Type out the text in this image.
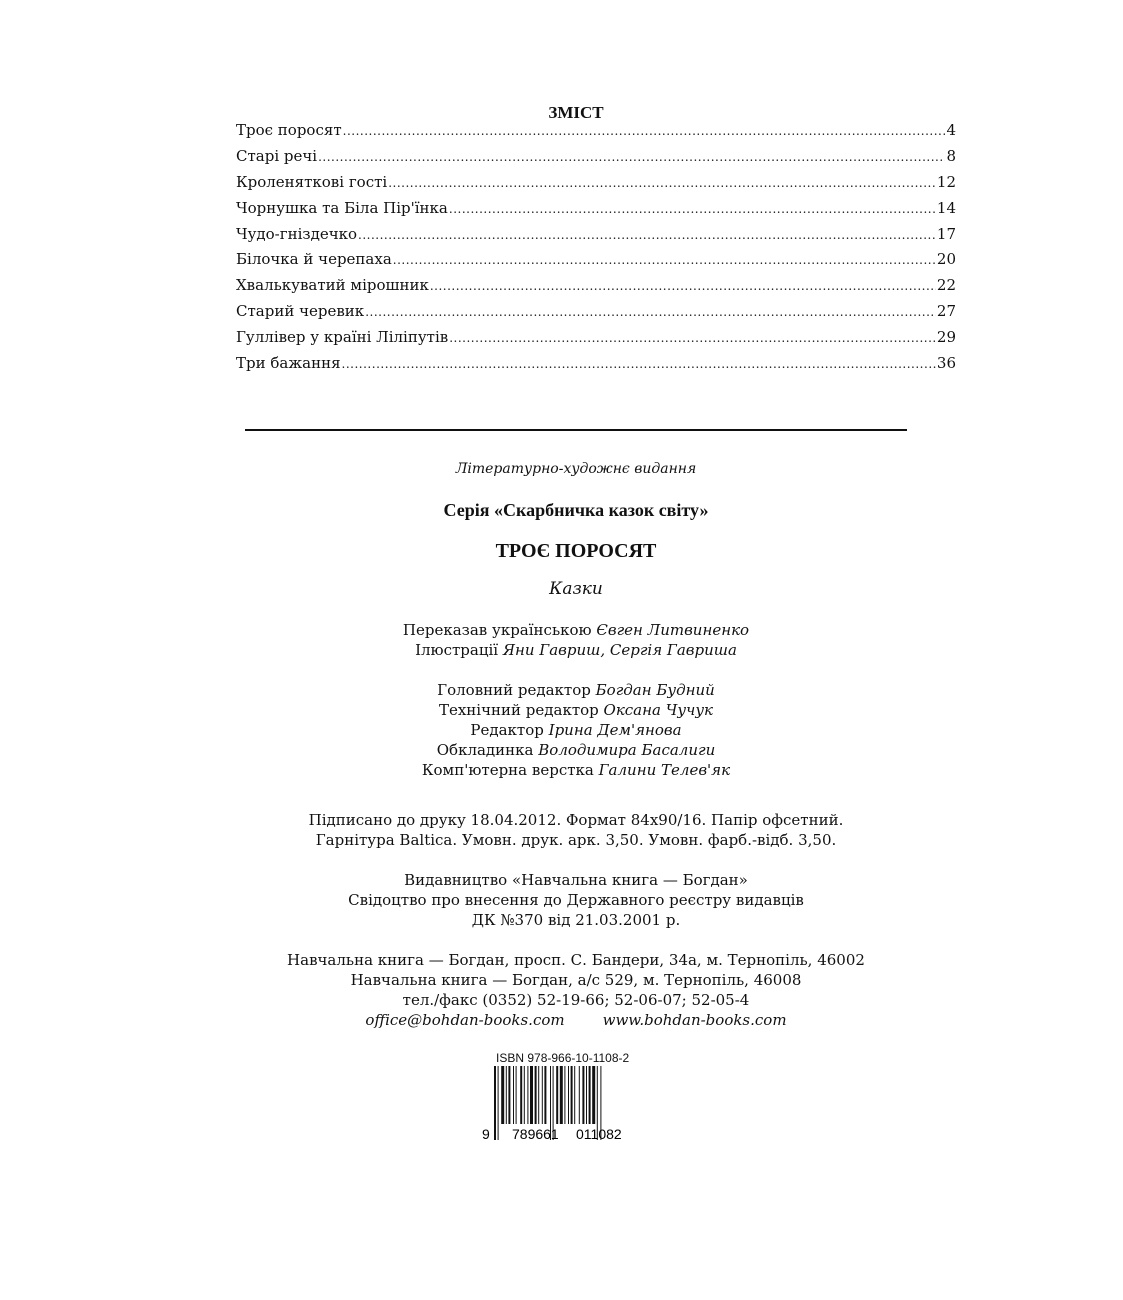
ЗМІСТ
Троє поросят .....	4
Старі речі .....	8
Кроленяткові гості .....	12
Чорнушка та Біла Пір'їнка .....	14
Чудо-гніздечко .....	17
Білочка й черепаха .....	20
Хвалькуватий мірошник .....	22
Старий черевик .....	27
Гуллівер у країні Ліліпутів .....	29
Три бажання .....	36
Літературно-художнє видання
Серія «Скарбничка казок світу»
ТРОЄ ПОРОСЯТ
Казки
Переказав українською Євген Литвиненко
Ілюстрації Яни Гавриш, Сергія Гавриша
Головний редактор Богдан Будний
Технічний редактор Оксана Чучук
Редактор Ірина Дем'янова
Обкладинка Володимира Басалиги
Комп'ютерна верстка Галини Телев'як
Підписано до друку 18.04.2012. Формат 84х90/16. Папір офсетний.
Гарнітура Baltica. Умовн. друк. арк. 3,50. Умовн. фарб.-відб. 3,50.
Видавництво «Навчальна книга — Богдан»
Свідоцтво про внесення до Державного реєстру видавців
ДК №370 від 21.03.2001 р.
Навчальна книга — Богдан, просп. С. Бандери, 34а, м. Тернопіль, 46002
Навчальна книга — Богдан, а/с 529, м. Тернопіль, 46008
тел./факс (0352) 52-19-66; 52-06-07; 52-05-4
office@bohdan-books.com	www.bohdan-books.com
ISBN 978-966-10-1108-2
9 789661 011082
